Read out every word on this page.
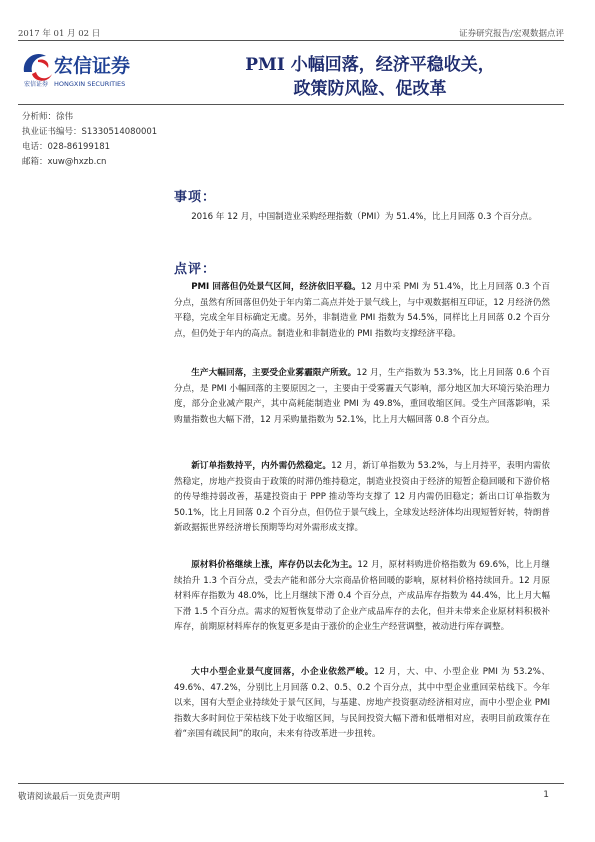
2017 年 01 月 02 日	证券研究报告/宏观数据点评
宏信证券
宏信证券 HONGXIN SECURITIES
PMI 小幅回落，经济平稳收关，
政策防风险、促改革
分析师：徐伟
执业证书编号：S1330514080001
电话：028-86199181
邮箱：xuw@hxzb.cn
事项：
2016 年 12 月，中国制造业采购经理指数（PMI）为 51.4%，比上月回落 0.3 个百分点。
点评：
PMI 回落但仍处景气区间，经济依旧平稳。12 月中采 PMI 为 51.4%，比上月回落 0.3 个百分点，虽然有所回落但仍处于年内第二高点并处于景气线上，与中观数据相互印证，12 月经济仍然平稳，完成全年目标确定无虞。另外，非制造业 PMI 指数为 54.5%，同样比上月回落 0.2 个百分点，但仍处于年内的高点。制造业和非制造业的 PMI 指数均支撑经济平稳。
生产大幅回落，主要受企业雾霾限产所致。12 月，生产指数为 53.3%，比上月回落 0.6 个百分点，是 PMI 小幅回落的主要原因之一，主要由于受雾霾天气影响，部分地区加大环境污染治理力度，部分企业减产限产，其中高耗能制造业 PMI 为 49.8%，重回收缩区间。受生产回落影响，采购量指数也大幅下滑，12 月采购量指数为 52.1%，比上月大幅回落 0.8 个百分点。
新订单指数持平，内外需仍然稳定。12 月，新订单指数为 53.2%，与上月持平，表明内需依然稳定，房地产投资由于政策的时滞仍维持稳定，制造业投资由于经济的短暂企稳回暖和下游价格的传导维持弱改善，基建投资由于 PPP 推动等均支撑了 12 月内需仍旧稳定；新出口订单指数为 50.1%，比上月回落 0.2 个百分点，但仍位于景气线上，全球发达经济体均出现短暂好转，特朗普新政据振世界经济增长预期等均对外需形成支撑。
原材料价格继续上涨，库存仍以去化为主。12 月，原材料购进价格指数为 69.6%，比上月继续抬升 1.3 个百分点，受去产能和部分大宗商品价格回暖的影响，原材料价格持续回升。12 月原材料库存指数为 48.0%，比上月继续下滑 0.4 个百分点，产成品库存指数为 44.4%，比上月大幅下滑 1.5 个百分点。需求的短暂恢复带动了企业产成品库存的去化，但并未带来企业原材料积极补库存，前期原材料库存的恢复更多是由于涨价的企业生产经营调整，被动进行库存调整。
大中小型企业景气度回落，小企业依然严峻。12 月，大、中、小型企业 PMI 为 53.2%、49.6%、47.2%，分别比上月回落 0.2、0.5、0.2 个百分点，其中中型企业重回荣枯线下。今年以来，国有大型企业持续处于景气区间，与基建、房地产投资驱动经济相对应，而中小型企业 PMI 指数大多时间位于荣枯线下处于收缩区间，与民间投资大幅下滑和低增相对应，表明目前政策存在着“亲国有疏民间”的取向，未来有待改革进一步扭转。
敬请阅读最后一页免责声明	1
